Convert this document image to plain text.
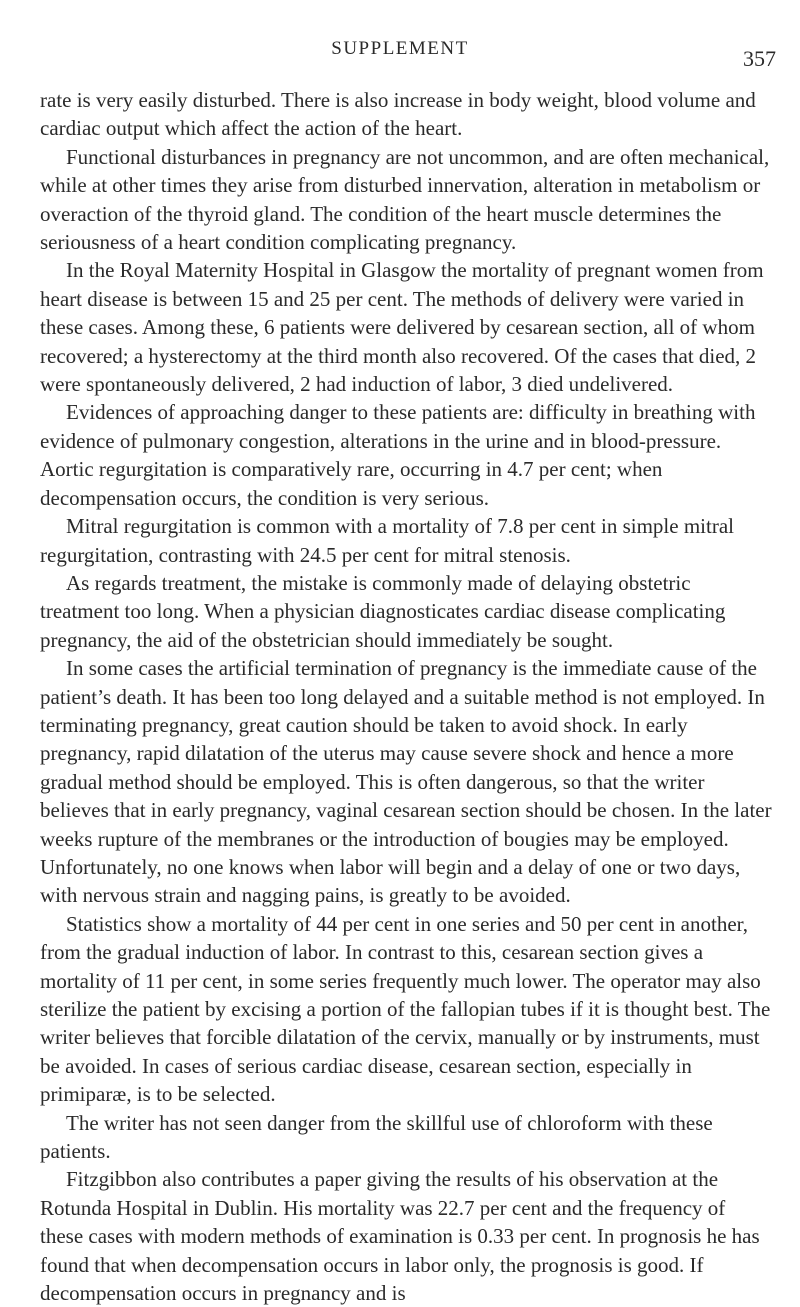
SUPPLEMENT	357

rate is very easily disturbed. There is also increase in body weight, blood volume and cardiac output which affect the action of the heart.

Functional disturbances in pregnancy are not uncommon, and are often mechanical, while at other times they arise from disturbed innervation, alteration in metabolism or overaction of the thyroid gland. The condition of the heart muscle determines the seriousness of a heart condition complicating pregnancy.

In the Royal Maternity Hospital in Glasgow the mortality of pregnant women from heart disease is between 15 and 25 per cent. The methods of delivery were varied in these cases. Among these, 6 patients were delivered by cesarean section, all of whom recovered; a hysterectomy at the third month also recovered. Of the cases that died, 2 were spontaneously delivered, 2 had induction of labor, 3 died undelivered.

Evidences of approaching danger to these patients are: difficulty in breathing with evidence of pulmonary congestion, alterations in the urine and in blood-pressure. Aortic regurgitation is comparatively rare, occurring in 4.7 per cent; when decompensation occurs, the condition is very serious.

Mitral regurgitation is common with a mortality of 7.8 per cent in simple mitral regurgitation, contrasting with 24.5 per cent for mitral stenosis.

As regards treatment, the mistake is commonly made of delaying obstetric treatment too long. When a physician diagnosticates cardiac disease complicating pregnancy, the aid of the obstetrician should immediately be sought.

In some cases the artificial termination of pregnancy is the immediate cause of the patient’s death. It has been too long delayed and a suitable method is not employed. In terminating pregnancy, great caution should be taken to avoid shock. In early pregnancy, rapid dilatation of the uterus may cause severe shock and hence a more gradual method should be employed. This is often dangerous, so that the writer believes that in early pregnancy, vaginal cesarean section should be chosen. In the later weeks rupture of the membranes or the introduction of bougies may be employed. Unfortunately, no one knows when labor will begin and a delay of one or two days, with nervous strain and nagging pains, is greatly to be avoided.

Statistics show a mortality of 44 per cent in one series and 50 per cent in another, from the gradual induction of labor. In contrast to this, cesarean section gives a mortality of 11 per cent, in some series frequently much lower. The operator may also sterilize the patient by excising a portion of the fallopian tubes if it is thought best. The writer believes that forcible dilatation of the cervix, manually or by instruments, must be avoided. In cases of serious cardiac disease, cesarean section, especially in primiparæ, is to be selected.

The writer has not seen danger from the skillful use of chloroform with these patients.

Fitzgibbon also contributes a paper giving the results of his observation at the Rotunda Hospital in Dublin. His mortality was 22.7 per cent and the frequency of these cases with modern methods of examination is 0.33 per cent. In prognosis he has found that when decompensation occurs in labor only, the prognosis is good. If decompensation occurs in pregnancy and is
